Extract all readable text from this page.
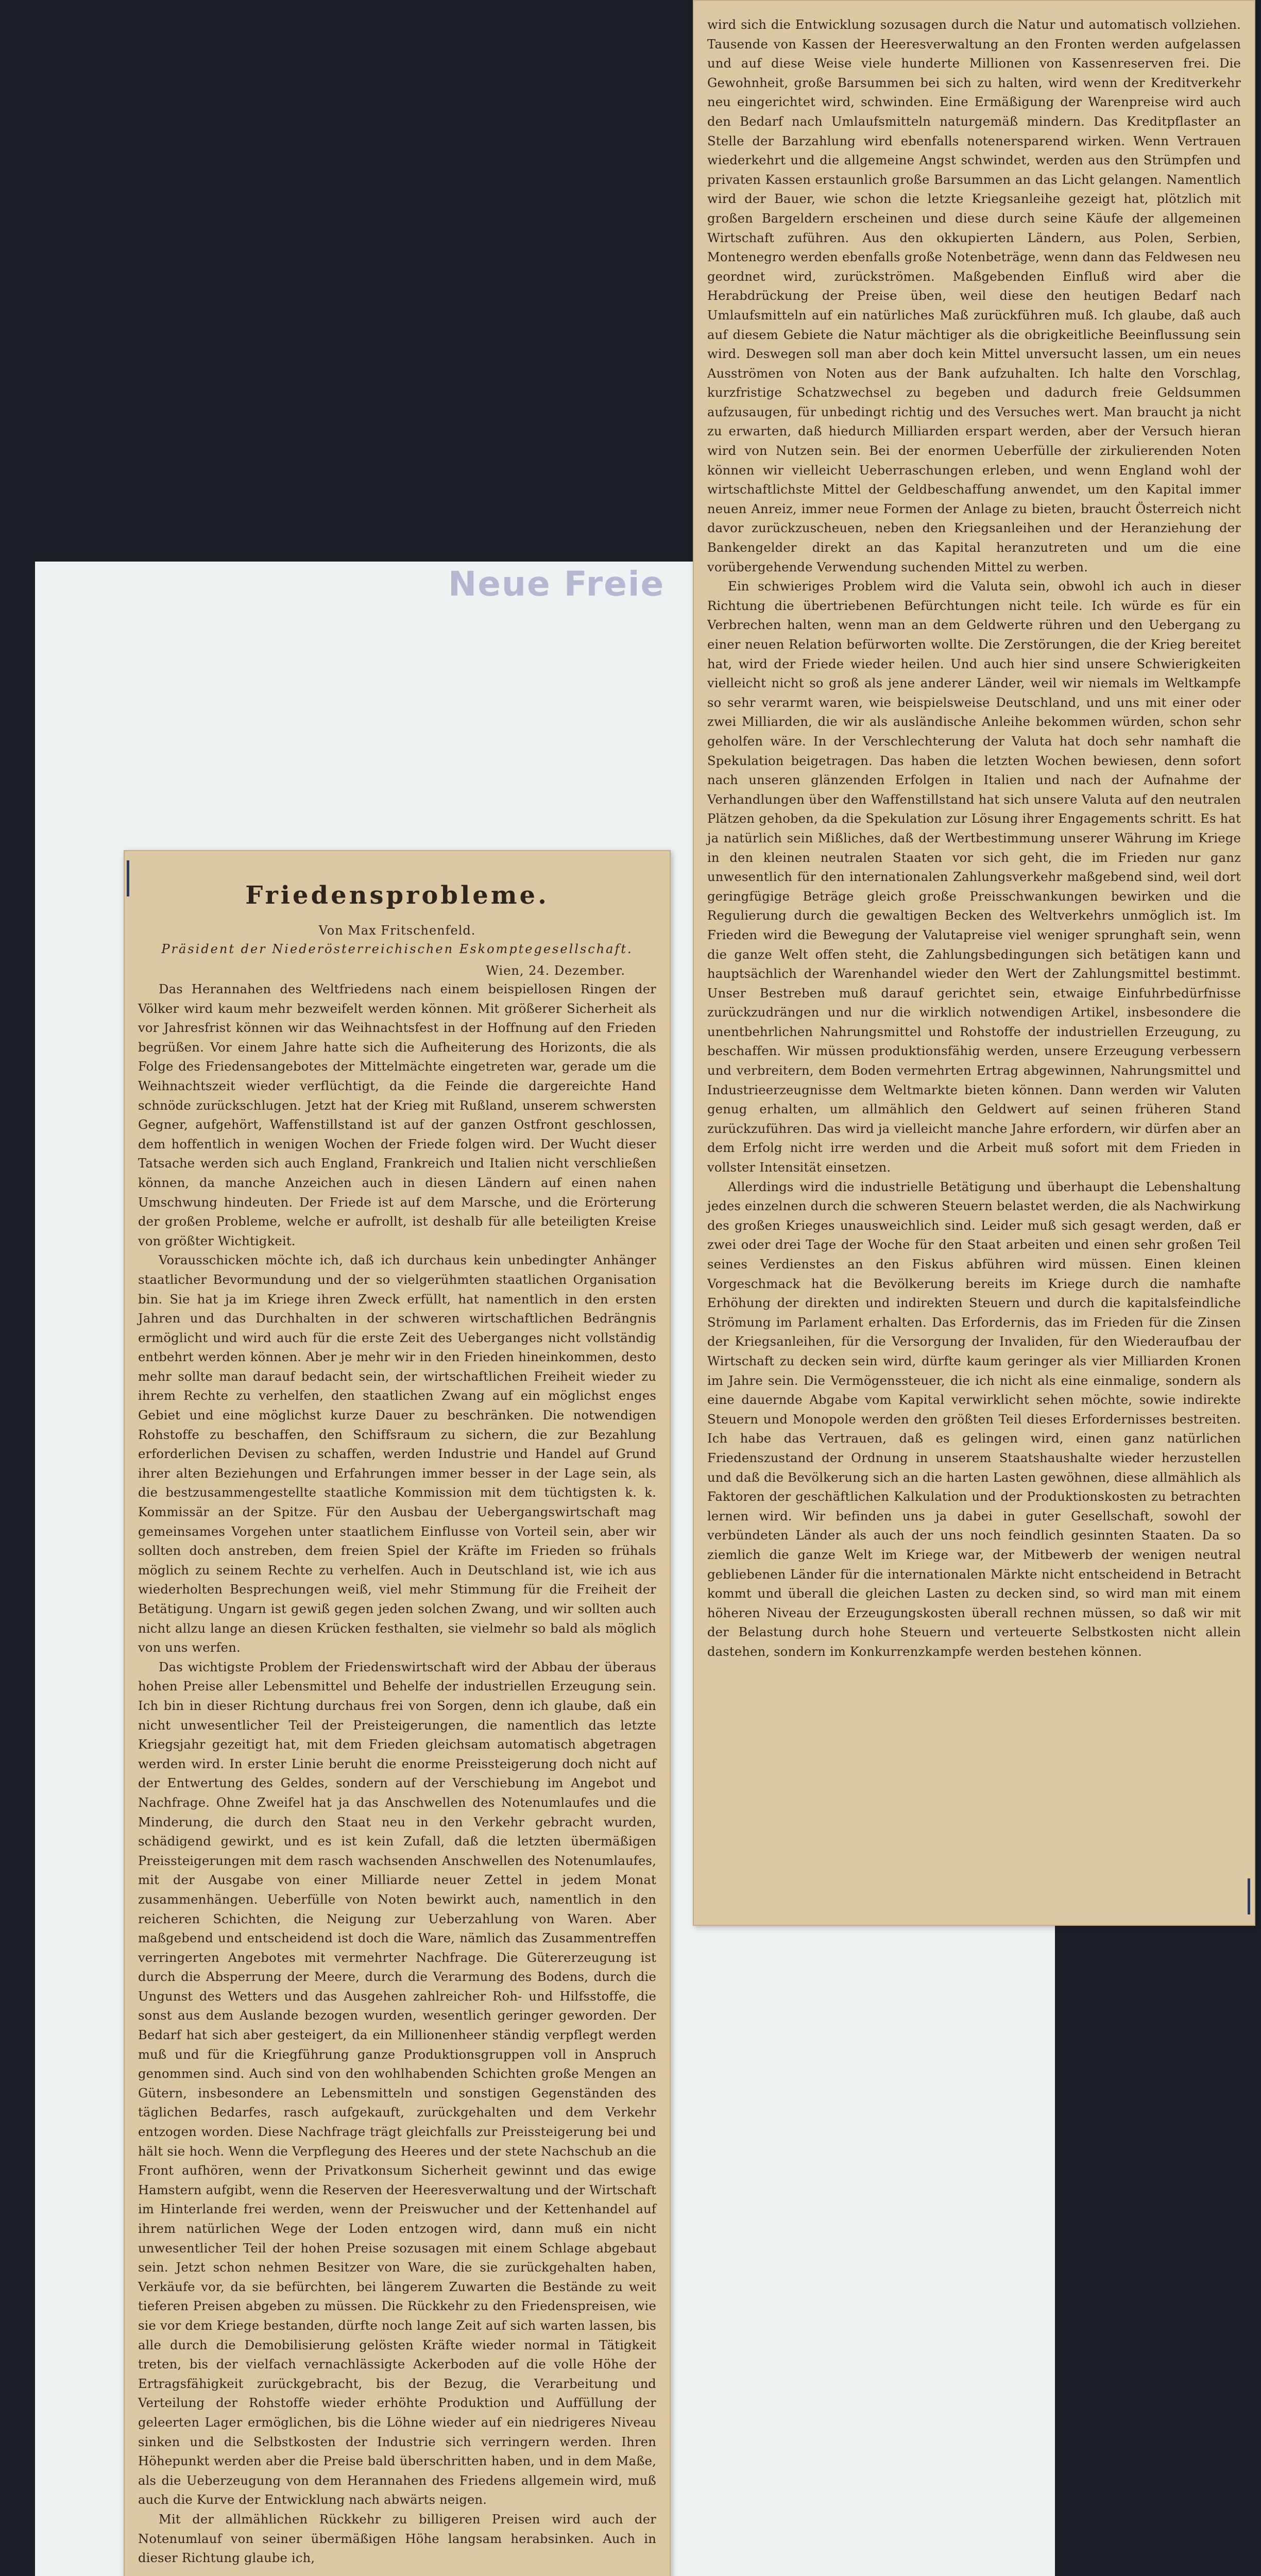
Neue Freie

wird sich die Entwicklung sozusagen durch die Natur und automatisch vollziehen. Tausende von Kassen der Heeresverwaltung an den Fronten werden aufgelassen und auf diese Weise viele hunderte Millionen von Kassenreserven frei. Die Gewohnheit, große Barsummen bei sich zu halten, wird wenn der Kreditverkehr neu eingerichtet wird, schwinden. Eine Ermäßigung der Warenpreise wird auch den Bedarf nach Umlaufsmitteln naturgemäß mindern. Das Kreditpflaster an Stelle der Barzahlung wird ebenfalls notenersparend wirken. Wenn Vertrauen wiederkehrt und die allgemeine Angst schwindet, werden aus den Strümpfen und privaten Kassen erstaunlich große Barsummen an das Licht gelangen. Namentlich wird der Bauer, wie schon die letzte Kriegsanleihe gezeigt hat, plötzlich mit großen Bargeldern erscheinen und diese durch seine Käufe der allgemeinen Wirtschaft zuführen. Aus den okkupierten Ländern, aus Polen, Serbien, Montenegro werden ebenfalls große Notenbeträge, wenn dann das Feldwesen neu geordnet wird, zurückströmen. Maßgebenden Einfluß wird aber die Herabdrückung der Preise üben, weil diese den heutigen Bedarf nach Umlaufsmitteln auf ein natürliches Maß zurückführen muß. Ich glaube, daß auch auf diesem Gebiete die Natur mächtiger als die obrigkeitliche Beeinflussung sein wird. Deswegen soll man aber doch kein Mittel unversucht lassen, um ein neues Ausströmen von Noten aus der Bank aufzuhalten. Ich halte den Vorschlag, kurzfristige Schatzwechsel zu begeben und dadurch freie Geldsummen aufzusaugen, für unbedingt richtig und des Versuches wert. Man braucht ja nicht zu erwarten, daß hiedurch Milliarden erspart werden, aber der Versuch hieran wird von Nutzen sein. Bei der enormen Ueberfülle der zirkulierenden Noten können wir vielleicht Ueberraschungen erleben, und wenn England wohl der wirtschaftlichste Mittel der Geldbeschaffung anwendet, um den Kapital immer neuen Anreiz, immer neue Formen der Anlage zu bieten, braucht Österreich nicht davor zurückzuscheuen, neben den Kriegsanleihen und der Heranziehung der Bankengelder direkt an das Kapital heranzutreten und um die eine vorübergehende Verwendung suchenden Mittel zu werben.

Ein schwieriges Problem wird die Valuta sein, obwohl ich auch in dieser Richtung die übertriebenen Befürchtungen nicht teile. Ich würde es für ein Verbrechen halten, wenn man an dem Geldwerte rühren und den Uebergang zu einer neuen Relation befürworten wollte. Die Zerstörungen, die der Krieg bereitet hat, wird der Friede wieder heilen. Und auch hier sind unsere Schwierigkeiten vielleicht nicht so groß als jene anderer Länder, weil wir niemals im Weltkampfe so sehr verarmt waren, wie beispielsweise Deutschland, und uns mit einer oder zwei Milliarden, die wir als ausländische Anleihe bekommen würden, schon sehr geholfen wäre. In der Verschlechterung der Valuta hat doch sehr namhaft die Spekulation beigetragen. Das haben die letzten Wochen bewiesen, denn sofort nach unseren glänzenden Erfolgen in Italien und nach der Aufnahme der Verhandlungen über den Waffenstillstand hat sich unsere Valuta auf den neutralen Plätzen gehoben, da die Spekulation zur Lösung ihrer Engagements schritt. Es hat ja natürlich sein Mißliches, daß der Wertbestimmung unserer Währung im Kriege in den kleinen neutralen Staaten vor sich geht, die im Frieden nur ganz unwesentlich für den internationalen Zahlungsverkehr maßgebend sind, weil dort geringfügige Beträge gleich große Preisschwankungen bewirken und die Regulierung durch die gewaltigen Becken des Weltverkehrs unmöglich ist. Im Frieden wird die Bewegung der Valutapreise viel weniger sprunghaft sein, wenn die ganze Welt offen steht, die Zahlungsbedingungen sich betätigen kann und hauptsächlich der Warenhandel wieder den Wert der Zahlungsmittel bestimmt. Unser Bestreben muß darauf gerichtet sein, etwaige Einfuhrbedürfnisse zurückzudrängen und nur die wirklich notwendigen Artikel, insbesondere die unentbehrlichen Nahrungsmittel und Rohstoffe der industriellen Erzeugung, zu beschaffen. Wir müssen produktionsfähig werden, unsere Erzeugung verbessern und verbreitern, dem Boden vermehrten Ertrag abgewinnen, Nahrungsmittel und Industrieerzeugnisse dem Weltmarkte bieten können. Dann werden wir Valuten genug erhalten, um allmählich den Geldwert auf seinen früheren Stand zurückzuführen. Das wird ja vielleicht manche Jahre erfordern, wir dürfen aber an dem Erfolg nicht irre werden und die Arbeit muß sofort mit dem Frieden in vollster Intensität einsetzen.

Allerdings wird die industrielle Betätigung und überhaupt die Lebenshaltung jedes einzelnen durch die schweren Steuern belastet werden, die als Nachwirkung des großen Krieges unausweichlich sind. Leider muß sich gesagt werden, daß er zwei oder drei Tage der Woche für den Staat arbeiten und einen sehr großen Teil seines Verdienstes an den Fiskus abführen wird müssen. Einen kleinen Vorgeschmack hat die Bevölkerung bereits im Kriege durch die namhafte Erhöhung der direkten und indirekten Steuern und durch die kapitalsfeindliche Strömung im Parlament erhalten. Das Erfordernis, das im Frieden für die Zinsen der Kriegsanleihen, für die Versorgung der Invaliden, für den Wiederaufbau der Wirtschaft zu decken sein wird, dürfte kaum geringer als vier Milliarden Kronen im Jahre sein. Die Vermögenssteuer, die ich nicht als eine einmalige, sondern als eine dauernde Abgabe vom Kapital verwirklicht sehen möchte, sowie indirekte Steuern und Monopole werden den größten Teil dieses Erfordernisses bestreiten. Ich habe das Vertrauen, daß es gelingen wird, einen ganz natürlichen Friedenszustand der Ordnung in unserem Staatshaushalte wieder herzustellen und daß die Bevölkerung sich an die harten Lasten gewöhnen, diese allmählich als Faktoren der geschäftlichen Kalkulation und der Produktionskosten zu betrachten lernen wird. Wir befinden uns ja dabei in guter Gesellschaft, sowohl der verbündeten Länder als auch der uns noch feindlich gesinnten Staaten. Da so ziemlich die ganze Welt im Kriege war, der Mitbewerb der wenigen neutral gebliebenen Länder für die internationalen Märkte nicht entscheidend in Betracht kommt und überall die gleichen Lasten zu decken sind, so wird man mit einem höheren Niveau der Erzeugungskosten überall rechnen müssen, so daß wir mit der Belastung durch hohe Steuern und verteuerte Selbstkosten nicht allein dastehen, sondern im Konkurrenzkampfe werden bestehen können.

Friedensprobleme.
Von Max Fritschenfeld.
Präsident der Niederösterreichischen Eskomptegesellschaft.
Wien, 24. Dezember.

Das Herannahen des Weltfriedens nach einem beispiellosen Ringen der Völker wird kaum mehr bezweifelt werden können. Mit größerer Sicherheit als vor Jahresfrist können wir das Weihnachtsfest in der Hoffnung auf den Frieden begrüßen. Vor einem Jahre hatte sich die Aufheiterung des Horizonts, die als Folge des Friedensangebotes der Mittelmächte eingetreten war, gerade um die Weihnachtszeit wieder verflüchtigt, da die Feinde die dargereichte Hand schnöde zurückschlugen. Jetzt hat der Krieg mit Rußland, unserem schwersten Gegner, aufgehört, Waffenstillstand ist auf der ganzen Ostfront geschlossen, dem hoffentlich in wenigen Wochen der Friede folgen wird. Der Wucht dieser Tatsache werden sich auch England, Frankreich und Italien nicht verschließen können, da manche Anzeichen auch in diesen Ländern auf einen nahen Umschwung hindeuten. Der Friede ist auf dem Marsche, und die Erörterung der großen Probleme, welche er aufrollt, ist deshalb für alle beteiligten Kreise von größter Wichtigkeit.

Vorausschicken möchte ich, daß ich durchaus kein unbedingter Anhänger staatlicher Bevormundung und der so vielgerühmten staatlichen Organisation bin. Sie hat ja im Kriege ihren Zweck erfüllt, hat namentlich in den ersten Jahren und das Durchhalten in der schweren wirtschaftlichen Bedrängnis ermöglicht und wird auch für die erste Zeit des Ueberganges nicht vollständig entbehrt werden können. Aber je mehr wir in den Frieden hineinkommen, desto mehr sollte man darauf bedacht sein, der wirtschaftlichen Freiheit wieder zu ihrem Rechte zu verhelfen, den staatlichen Zwang auf ein möglichst enges Gebiet und eine möglichst kurze Dauer zu beschränken. Die notwendigen Rohstoffe zu beschaffen, den Schiffsraum zu sichern, die zur Bezahlung erforderlichen Devisen zu schaffen, werden Industrie und Handel auf Grund ihrer alten Beziehungen und Erfahrungen immer besser in der Lage sein, als die bestzusammengestellte staatliche Kommission mit dem tüchtigsten k. k. Kommissär an der Spitze. Für den Ausbau der Uebergangswirtschaft mag gemeinsames Vorgehen unter staatlichem Einflusse von Vorteil sein, aber wir sollten doch anstreben, dem freien Spiel der Kräfte im Frieden so frühals möglich zu seinem Rechte zu verhelfen. Auch in Deutschland ist, wie ich aus wiederholten Besprechungen weiß, viel mehr Stimmung für die Freiheit der Betätigung. Ungarn ist gewiß gegen jeden solchen Zwang, und wir sollten auch nicht allzu lange an diesen Krücken festhalten, sie vielmehr so bald als möglich von uns werfen.

Das wichtigste Problem der Friedenswirtschaft wird der Abbau der überaus hohen Preise aller Lebensmittel und Behelfe der industriellen Erzeugung sein. Ich bin in dieser Richtung durchaus frei von Sorgen, denn ich glaube, daß ein nicht unwesentlicher Teil der Preisteigerungen, die namentlich das letzte Kriegsjahr gezeitigt hat, mit dem Frieden gleichsam automatisch abgetragen werden wird. In erster Linie beruht die enorme Preissteigerung doch nicht auf der Entwertung des Geldes, sondern auf der Verschiebung im Angebot und Nachfrage. Ohne Zweifel hat ja das Anschwellen des Notenumlaufes und die Minderung, die durch den Staat neu in den Verkehr gebracht wurden, schädigend gewirkt, und es ist kein Zufall, daß die letzten übermäßigen Preissteigerungen mit dem rasch wachsenden Anschwellen des Notenumlaufes, mit der Ausgabe von einer Milliarde neuer Zettel in jedem Monat zusammenhängen. Ueberfülle von Noten bewirkt auch, namentlich in den reicheren Schichten, die Neigung zur Ueberzahlung von Waren. Aber maßgebend und entscheidend ist doch die Ware, nämlich das Zusammentreffen verringerten Angebotes mit vermehrter Nachfrage. Die Gütererzeugung ist durch die Absperrung der Meere, durch die Verarmung des Bodens, durch die Ungunst des Wetters und das Ausgehen zahlreicher Roh- und Hilfsstoffe, die sonst aus dem Auslande bezogen wurden, wesentlich geringer geworden. Der Bedarf hat sich aber gesteigert, da ein Millionenheer ständig verpflegt werden muß und für die Kriegführung ganze Produktionsgruppen voll in Anspruch genommen sind. Auch sind von den wohlhabenden Schichten große Mengen an Gütern, insbesondere an Lebensmitteln und sonstigen Gegenständen des täglichen Bedarfes, rasch aufgekauft, zurückgehalten und dem Verkehr entzogen worden. Diese Nachfrage trägt gleichfalls zur Preissteigerung bei und hält sie hoch. Wenn die Verpflegung des Heeres und der stete Nachschub an die Front aufhören, wenn der Privatkonsum Sicherheit gewinnt und das ewige Hamstern aufgibt, wenn die Reserven der Heeresverwaltung und der Wirtschaft im Hinterlande frei werden, wenn der Preiswucher und der Kettenhandel auf ihrem natürlichen Wege der Loden entzogen wird, dann muß ein nicht unwesentlicher Teil der hohen Preise sozusagen mit einem Schlage abgebaut sein. Jetzt schon nehmen Besitzer von Ware, die sie zurückgehalten haben, Verkäufe vor, da sie befürchten, bei längerem Zuwarten die Bestände zu weit tieferen Preisen abgeben zu müssen. Die Rückkehr zu den Friedenspreisen, wie sie vor dem Kriege bestanden, dürfte noch lange Zeit auf sich warten lassen, bis alle durch die Demobilisierung gelösten Kräfte wieder normal in Tätigkeit treten, bis der vielfach vernachlässigte Ackerboden auf die volle Höhe der Ertragsfähigkeit zurückgebracht, bis der Bezug, die Verarbeitung und Verteilung der Rohstoffe wieder erhöhte Produktion und Auffüllung der geleerten Lager ermöglichen, bis die Löhne wieder auf ein niedrigeres Niveau sinken und die Selbstkosten der Industrie sich verringern werden. Ihren Höhepunkt werden aber die Preise bald überschritten haben, und in dem Maße, als die Ueberzeugung von dem Herannahen des Friedens allgemein wird, muß auch die Kurve der Entwicklung nach abwärts neigen.

Mit der allmählichen Rückkehr zu billigeren Preisen wird auch der Notenumlauf von seiner übermäßigen Höhe langsam herabsinken. Auch in dieser Richtung glaube ich,
